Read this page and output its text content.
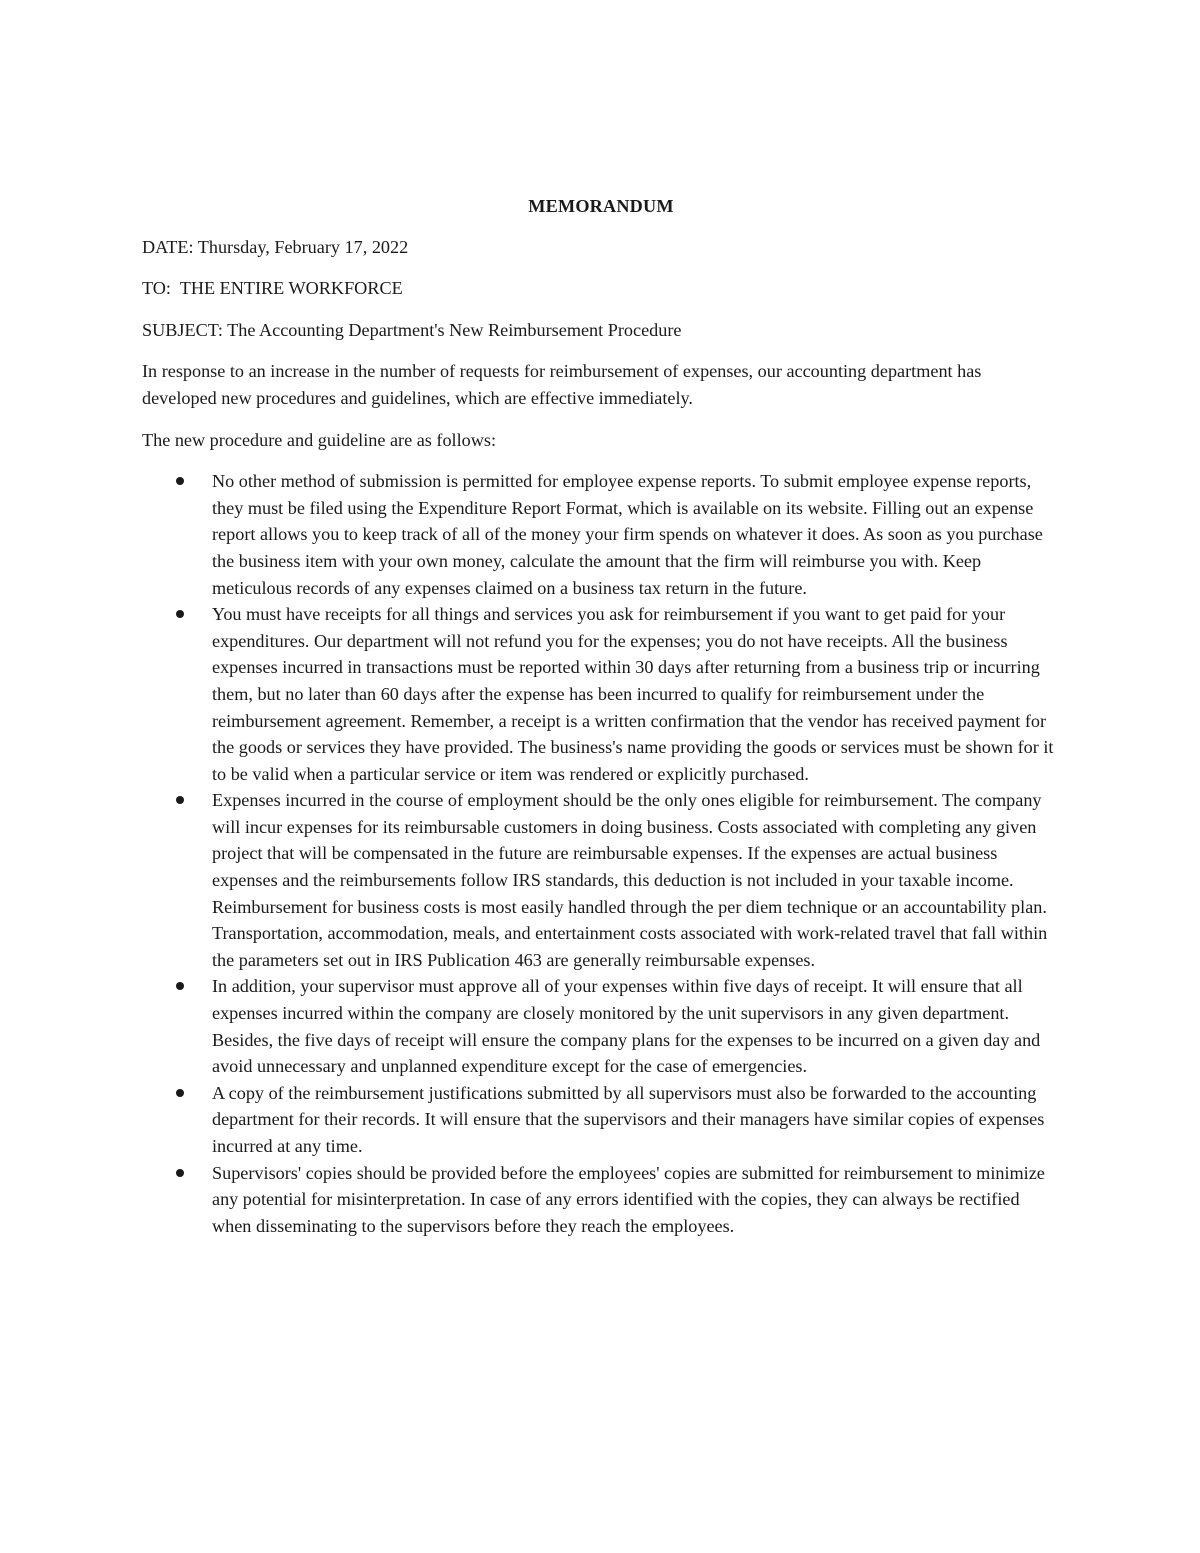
MEMORANDUM
DATE: Thursday, February 17, 2022
TO:  THE ENTIRE WORKFORCE
SUBJECT: The Accounting Department's New Reimbursement Procedure
In response to an increase in the number of requests for reimbursement of expenses, our accounting department has developed new procedures and guidelines, which are effective immediately.
The new procedure and guideline are as follows:
No other method of submission is permitted for employee expense reports. To submit employee expense reports, they must be filed using the Expenditure Report Format, which is available on its website. Filling out an expense report allows you to keep track of all of the money your firm spends on whatever it does. As soon as you purchase the business item with your own money, calculate the amount that the firm will reimburse you with. Keep meticulous records of any expenses claimed on a business tax return in the future.
You must have receipts for all things and services you ask for reimbursement if you want to get paid for your expenditures. Our department will not refund you for the expenses; you do not have receipts. All the business expenses incurred in transactions must be reported within 30 days after returning from a business trip or incurring them, but no later than 60 days after the expense has been incurred to qualify for reimbursement under the reimbursement agreement. Remember, a receipt is a written confirmation that the vendor has received payment for the goods or services they have provided. The business's name providing the goods or services must be shown for it to be valid when a particular service or item was rendered or explicitly purchased.
Expenses incurred in the course of employment should be the only ones eligible for reimbursement. The company will incur expenses for its reimbursable customers in doing business. Costs associated with completing any given project that will be compensated in the future are reimbursable expenses. If the expenses are actual business expenses and the reimbursements follow IRS standards, this deduction is not included in your taxable income. Reimbursement for business costs is most easily handled through the per diem technique or an accountability plan. Transportation, accommodation, meals, and entertainment costs associated with work-related travel that fall within the parameters set out in IRS Publication 463 are generally reimbursable expenses.
In addition, your supervisor must approve all of your expenses within five days of receipt. It will ensure that all expenses incurred within the company are closely monitored by the unit supervisors in any given department. Besides, the five days of receipt will ensure the company plans for the expenses to be incurred on a given day and avoid unnecessary and unplanned expenditure except for the case of emergencies.
A copy of the reimbursement justifications submitted by all supervisors must also be forwarded to the accounting department for their records. It will ensure that the supervisors and their managers have similar copies of expenses incurred at any time.
Supervisors' copies should be provided before the employees' copies are submitted for reimbursement to minimize any potential for misinterpretation. In case of any errors identified with the copies, they can always be rectified when disseminating to the supervisors before they reach the employees.
